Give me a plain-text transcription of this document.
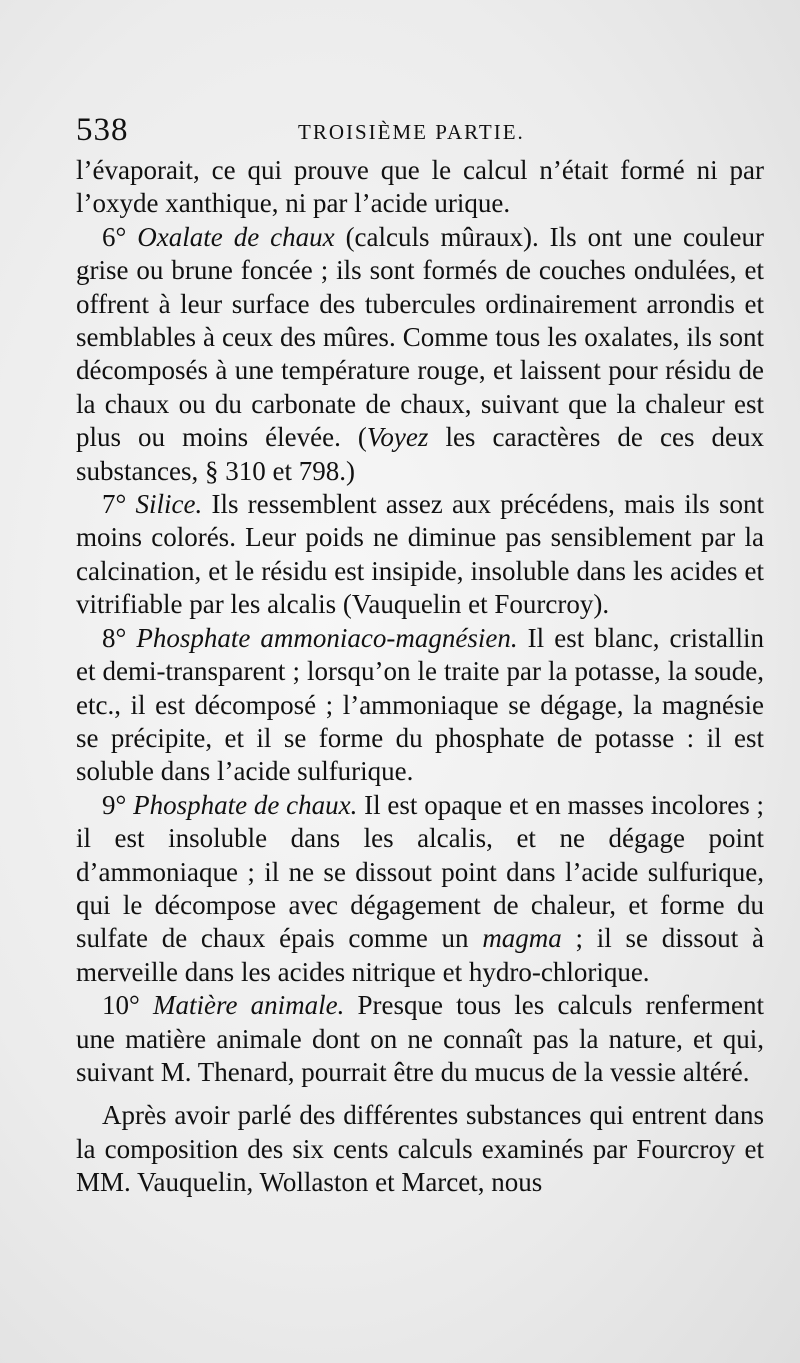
538	TROISIÈME PARTIE.

l’évaporait, ce qui prouve que le calcul n’était formé ni par l’oxyde xanthique, ni par l’acide urique.

6° Oxalate de chaux (calculs mûraux). Ils ont une couleur grise ou brune foncée ; ils sont formés de couches ondulées, et offrent à leur surface des tubercules ordinairement arrondis et semblables à ceux des mûres. Comme tous les oxalates, ils sont décomposés à une température rouge, et laissent pour résidu de la chaux ou du carbonate de chaux, suivant que la chaleur est plus ou moins élevée. (Voyez les caractères de ces deux substances, § 310 et 798.)

7° Silice. Ils ressemblent assez aux précédens, mais ils sont moins colorés. Leur poids ne diminue pas sensiblement par la calcination, et le résidu est insipide, insoluble dans les acides et vitrifiable par les alcalis (Vauquelin et Fourcroy).

8° Phosphate ammoniaco-magnésien. Il est blanc, cristallin et demi-transparent ; lorsqu’on le traite par la potasse, la soude, etc., il est décomposé ; l’ammoniaque se dégage, la magnésie se précipite, et il se forme du phosphate de potasse : il est soluble dans l’acide sulfurique.

9° Phosphate de chaux. Il est opaque et en masses incolores ; il est insoluble dans les alcalis, et ne dégage point d’ammoniaque ; il ne se dissout point dans l’acide sulfurique, qui le décompose avec dégagement de chaleur, et forme du sulfate de chaux épais comme un magma ; il se dissout à merveille dans les acides nitrique et hydro-chlorique.

10° Matière animale. Presque tous les calculs renferment une matière animale dont on ne connaît pas la nature, et qui, suivant M. Thenard, pourrait être du mucus de la vessie altéré.

Après avoir parlé des différentes substances qui entrent dans la composition des six cents calculs examinés par Fourcroy et MM. Vauquelin, Wollaston et Marcet, nous
